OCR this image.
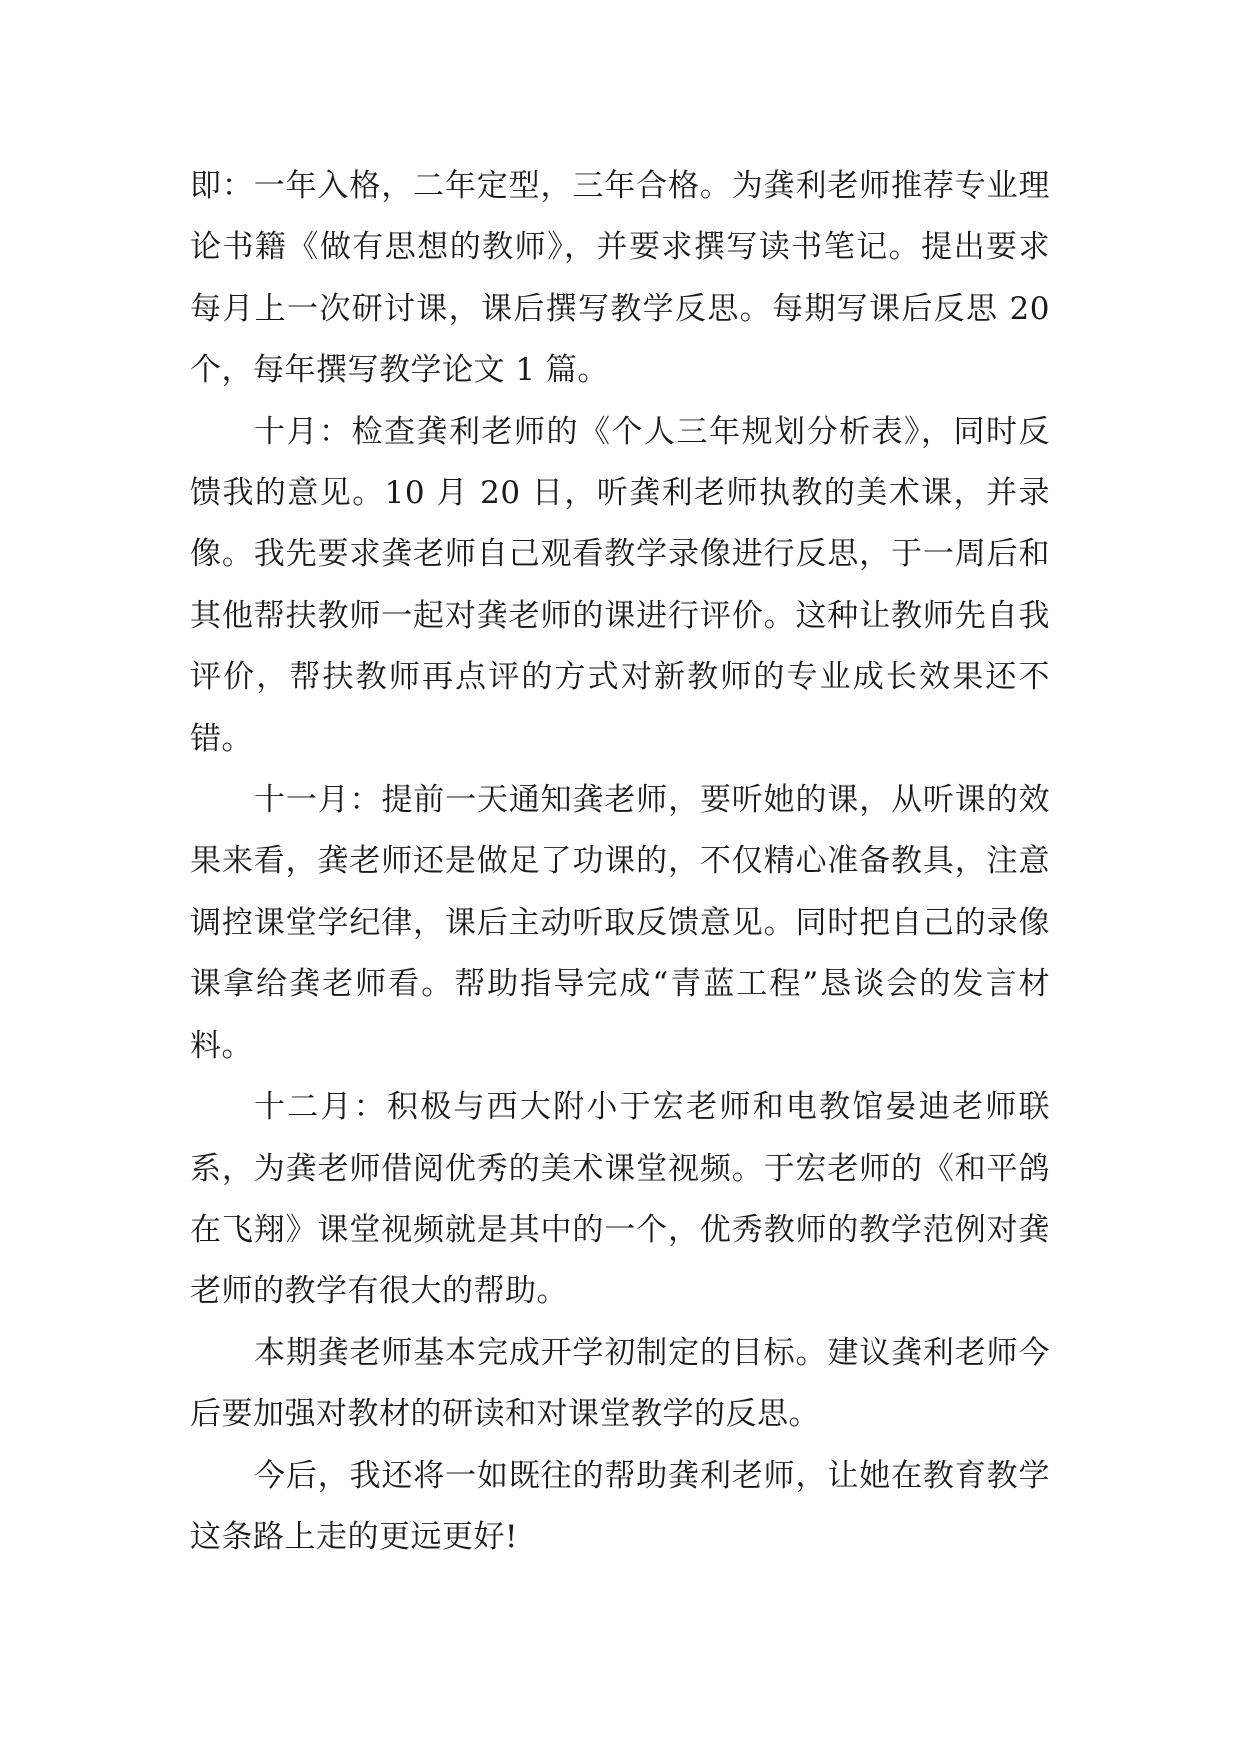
即：一年入格，二年定型，三年合格。为龚利老师推荐专业理论书籍《做有思想的教师》，并要求撰写读书笔记。提出要求每月上一次研讨课，课后撰写教学反思。每期写课后反思 20 个，每年撰写教学论文 1 篇。

十月：检查龚利老师的《个人三年规划分析表》，同时反馈我的意见。10 月 20 日，听龚利老师执教的美术课，并录像。我先要求龚老师自己观看教学录像进行反思，于一周后和其他帮扶教师一起对龚老师的课进行评价。这种让教师先自我评价，帮扶教师再点评的方式对新教师的专业成长效果还不错。

十一月：提前一天通知龚老师，要听她的课，从听课的效果来看，龚老师还是做足了功课的，不仅精心准备教具，注意调控课堂学纪律，课后主动听取反馈意见。同时把自己的录像课拿给龚老师看。帮助指导完成“青蓝工程”恳谈会的发言材料。

十二月：积极与西大附小于宏老师和电教馆晏迪老师联系，为龚老师借阅优秀的美术课堂视频。于宏老师的《和平鸽在飞翔》课堂视频就是其中的一个，优秀教师的教学范例对龚老师的教学有很大的帮助。

本期龚老师基本完成开学初制定的目标。建议龚利老师今后要加强对教材的研读和对课堂教学的反思。

今后，我还将一如既往的帮助龚利老师，让她在教育教学这条路上走的更远更好!
